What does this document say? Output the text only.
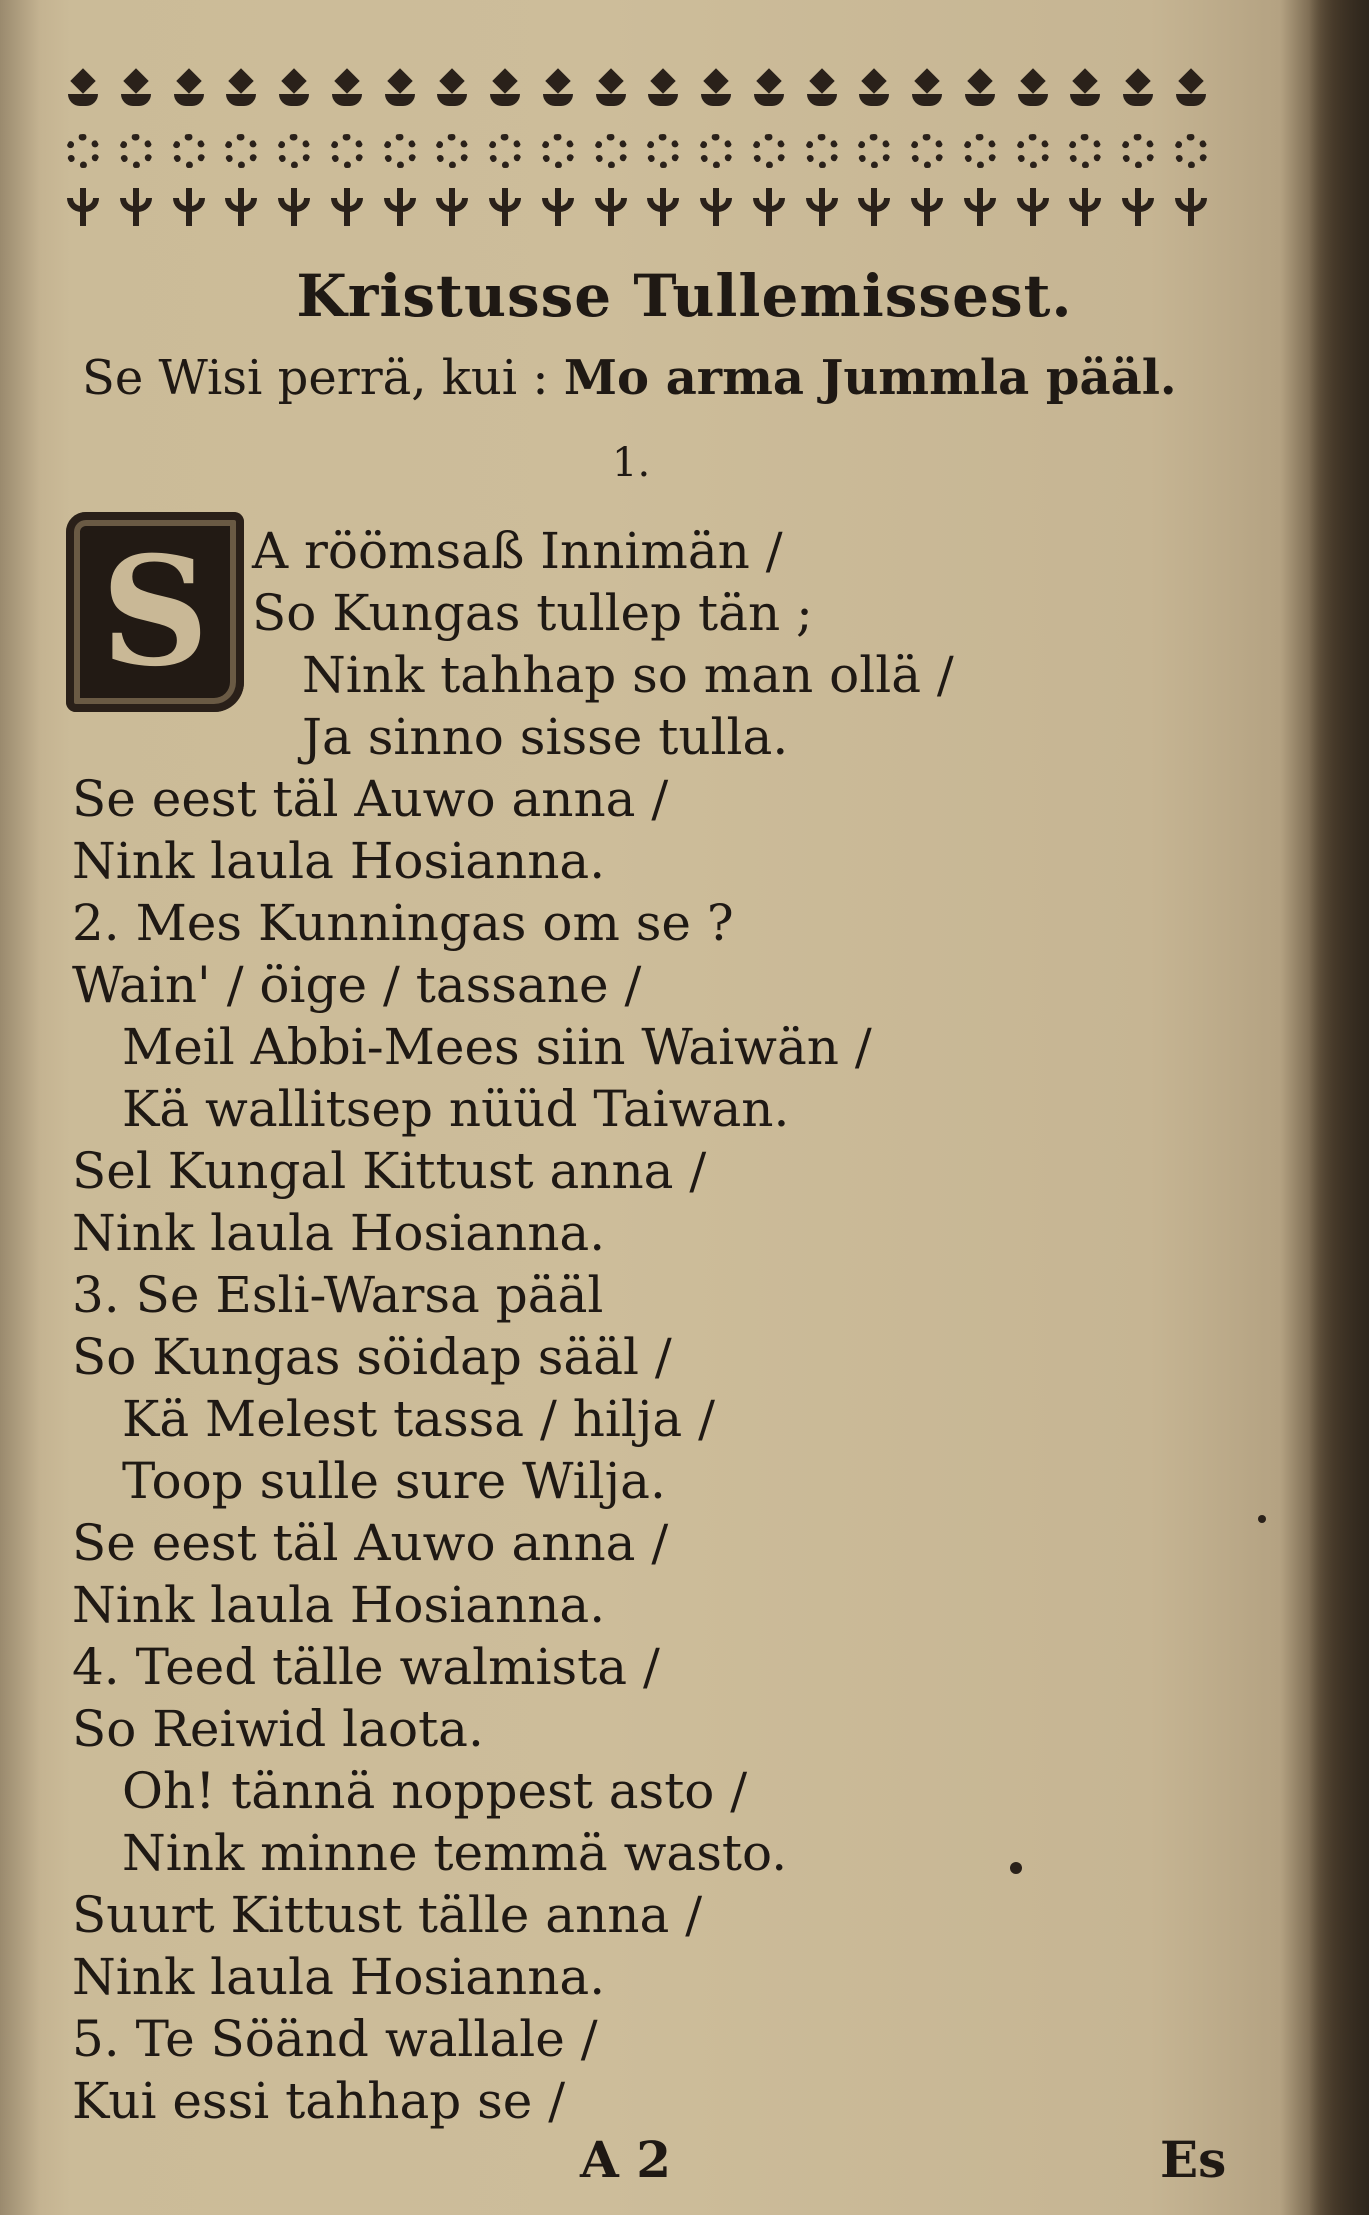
Kristusse Tullemissest.
Se Wisi perrä, kui : Mo arma Jummla pääl.
1.
S A röömsaß Innimän /
So Kungas tullep tän ;
Nink tahhap so man ollä /
Ja sinno sisse tulla.
Se eest täl Auwo anna /
Nink laula Hosianna.
2. Mes Kunningas om se ?
Wain' / öige / tassane /
Meil Abbi-Mees siin Waiwän /
Kä wallitsep nüüd Taiwan.
Sel Kungal Kittust anna /
Nink laula Hosianna.
3. Se Esli-Warsa pääl
So Kungas söidap sääl /
Kä Melest tassa / hilja /
Toop sulle sure Wilja.
Se eest täl Auwo anna /
Nink laula Hosianna.
4. Teed tälle walmista /
So Reiwid laota.
Oh! tännä noppest asto /
Nink minne temmä wasto.
Suurt Kittust tälle anna /
Nink laula Hosianna.
5. Te Söänd wallale /
Kui essi tahhap se /
A 2	Es
